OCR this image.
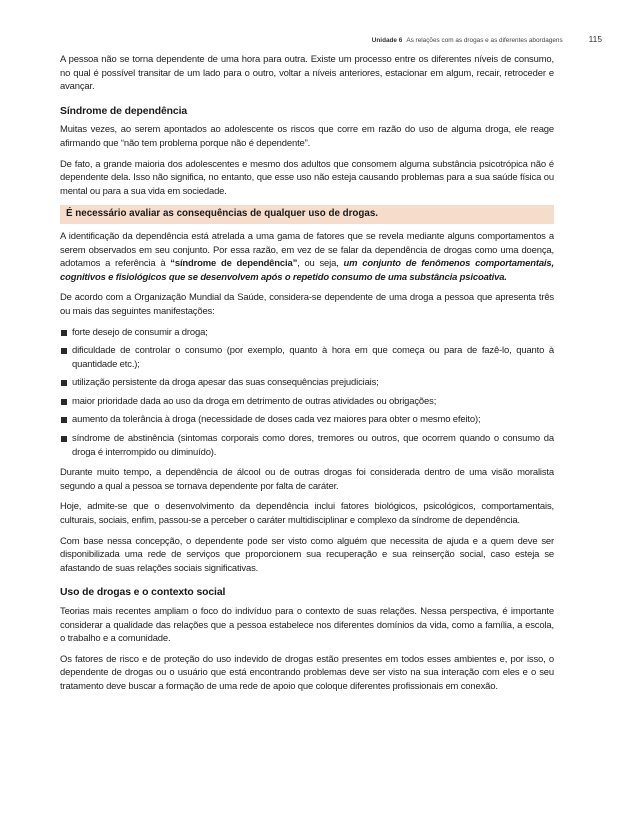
Unidade 6 As relações com as drogas e as diferentes abordagens	115

A pessoa não se torna dependente de uma hora para outra. Existe um processo entre os diferentes níveis de consumo, no qual é possível transitar de um lado para o outro, voltar a níveis anteriores, estacionar em algum, recair, retroceder e avançar.

Síndrome de dependência

Muitas vezes, ao serem apontados ao adolescente os riscos que corre em razão do uso de alguma droga, ele reage afirmando que “não tem problema porque não é dependente”.

De fato, a grande maioria dos adolescentes e mesmo dos adultos que consomem alguma substância psicotrópica não é dependente dela. Isso não significa, no entanto, que esse uso não esteja causando problemas para a sua saúde física ou mental ou para a sua vida em sociedade.

É necessário avaliar as consequências de qualquer uso de drogas.

A identificação da dependência está atrelada a uma gama de fatores que se revela mediante alguns comportamentos a serem observados em seu conjunto. Por essa razão, em vez de se falar da dependência de drogas como uma doença, adotamos a referência à “síndrome de dependência”, ou seja, um conjunto de fenômenos comportamentais, cognitivos e fisiológicos que se desenvolvem após o repetido consumo de uma substância psicoativa.

De acordo com a Organização Mundial da Saúde, considera-se dependente de uma droga a pessoa que apresenta três ou mais das seguintes manifestações:

forte desejo de consumir a droga;
dificuldade de controlar o consumo (por exemplo, quanto à hora em que começa ou para de fazê-lo, quanto à quantidade etc.);
utilização persistente da droga apesar das suas consequências prejudiciais;
maior prioridade dada ao uso da droga em detrimento de outras atividades ou obrigações;
aumento da tolerância à droga (necessidade de doses cada vez maiores para obter o mesmo efeito);
síndrome de abstinência (sintomas corporais como dores, tremores ou outros, que ocorrem quando o consumo da droga é interrompido ou diminuído).

Durante muito tempo, a dependência de álcool ou de outras drogas foi considerada dentro de uma visão moralista segundo a qual a pessoa se tornava dependente por falta de caráter.

Hoje, admite-se que o desenvolvimento da dependência inclui fatores biológicos, psicológicos, comportamentais, culturais, sociais, enfim, passou-se a perceber o caráter multidisciplinar e complexo da síndrome de dependência.

Com base nessa concepção, o dependente pode ser visto como alguém que necessita de ajuda e a quem deve ser disponibilizada uma rede de serviços que proporcionem sua recuperação e sua reinserção social, caso esteja se afastando de suas relações sociais significativas.

Uso de drogas e o contexto social

Teorias mais recentes ampliam o foco do indivíduo para o contexto de suas relações. Nessa perspectiva, é importante considerar a qualidade das relações que a pessoa estabelece nos diferentes domínios da vida, como a família, a escola, o trabalho e a comunidade.

Os fatores de risco e de proteção do uso indevido de drogas estão presentes em todos esses ambientes e, por isso, o dependente de drogas ou o usuário que está encontrando problemas deve ser visto na sua interação com eles e o seu tratamento deve buscar a formação de uma rede de apoio que coloque diferentes profissionais em conexão.
